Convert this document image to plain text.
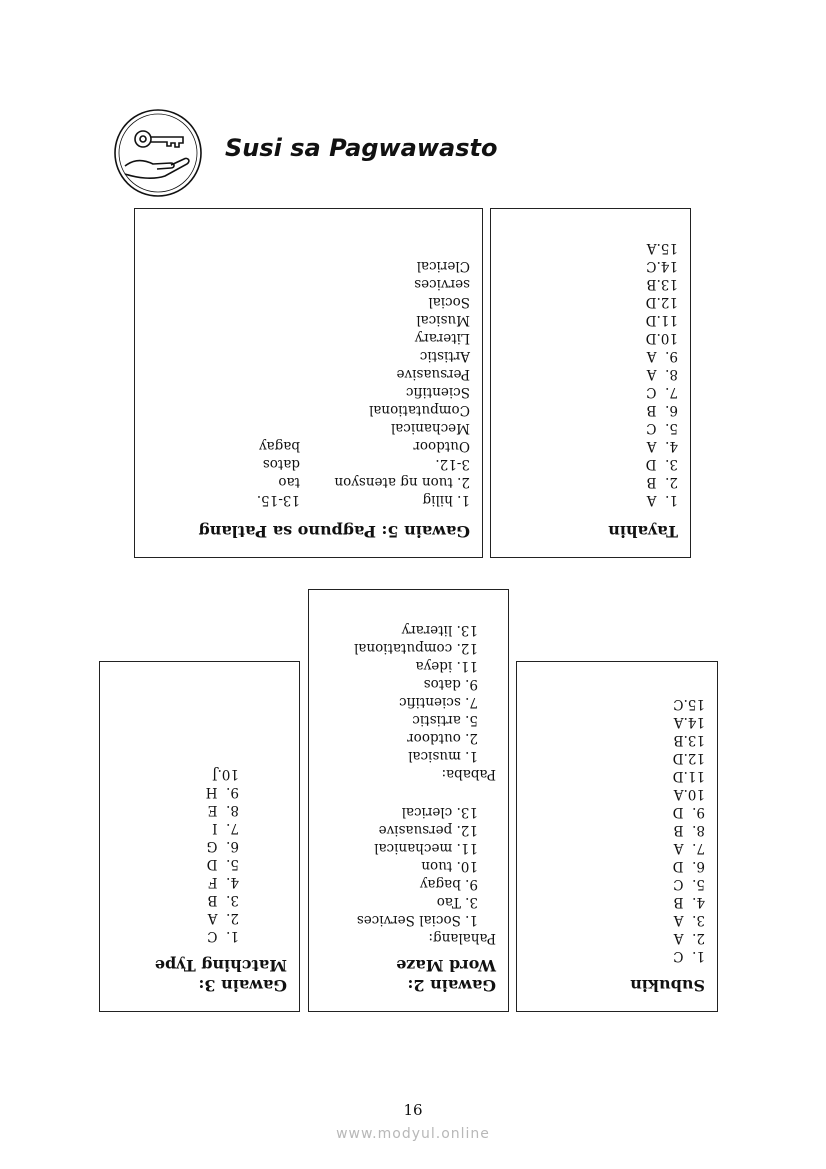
Susi sa Pagwawasto
Tayahin
1.  A
2.  B
3.  D
4.  A
5.  C
6.  B
7.  C
8.  A
9.  A
10.D
11.D
12.D
13.B
14.C
15.A
Gawain 5: Pagpuno sa Patlang
1. hilig
2. tuon ng atensyon
3-12.
Outdoor
Mechanical
Computational
Scientific
Persuasive
Artistic
Literary
Musical
Social
services
Clerical
13-15.
tao
datos
bagay
Subukin
1.  C
2.  A
3.  A
4.  B
5.  C
6.  D
7.  A
8.  B
9.  D
10.A
11.D
12.D
13.B
14.A
15.C
Gawain 2:
Word Maze
Pahalang:
1. Social Services
3. Tao
9. bagay
10. tuon
11. mechanical
12. persuasive
13. clerical
Pababa:
1. musical
2. outdoor
5. artistic
7. scientific
9. datos
11. ideya
12. computational
13. literary
Gawain 3:
Matching Type
1.  C
2.  A
3.  B
4.  F
5.  D
6.  G
7.  I
8.  E
9.  H
10.J
16
www.modyul.online
